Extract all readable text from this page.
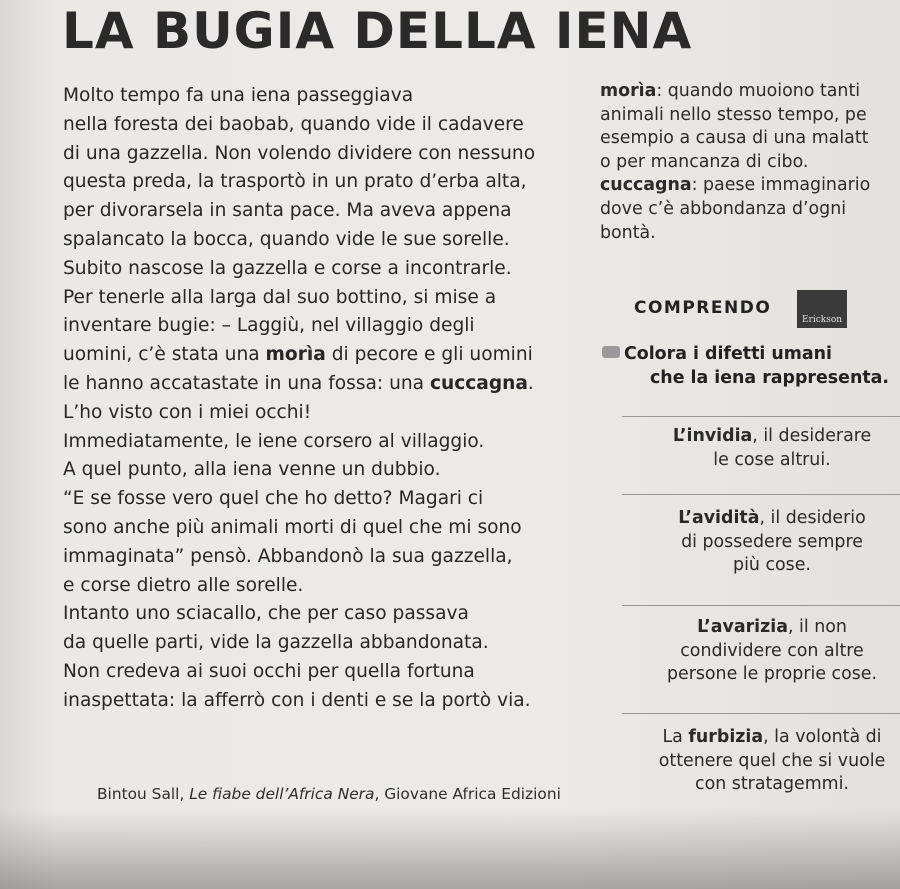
LA BUGIA DELLA IENA
Molto tempo fa una iena passeggiava
nella foresta dei baobab, quando vide il cadavere
di una gazzella. Non volendo dividere con nessuno
questa preda, la trasportò in un prato d’erba alta,
per divorarsela in santa pace. Ma aveva appena
spalancato la bocca, quando vide le sue sorelle.
Subito nascose la gazzella e corse a incontrarle.
Per tenerle alla larga dal suo bottino, si mise a
inventare bugie: – Laggiù, nel villaggio degli
uomini, c’è stata una morìa di pecore e gli uomini
le hanno accatastate in una fossa: una cuccagna.
L’ho visto con i miei occhi!
Immediatamente, le iene corsero al villaggio.
A quel punto, alla iena venne un dubbio.
“E se fosse vero quel che ho detto? Magari ci
sono anche più animali morti di quel che mi sono
immaginata” pensò. Abbandonò la sua gazzella,
e corse dietro alle sorelle.
Intanto uno sciacallo, che per caso passava
da quelle parti, vide la gazzella abbandonata.
Non credeva ai suoi occhi per quella fortuna
inaspettata: la afferrò con i denti e se la portò via.
Bintou Sall, Le fiabe dell’Africa Nera, Giovane Africa Edizioni
morìa: quando muoiono tanti
animali nello stesso tempo, pe
esempio a causa di una malatt
o per mancanza di cibo.
cuccagna: paese immaginario
dove c’è abbondanza d’ogni
bontà.
COMPRENDO
Erickson
Colora i difetti umani
che la iena rappresenta.
L’invidia, il desiderare
le cose altrui.
L’avidità, il desiderio
di possedere sempre
più cose.
L’avarizia, il non
condividere con altre
persone le proprie cose.
La furbizia, la volontà di
ottenere quel che si vuole
con stratagemmi.
